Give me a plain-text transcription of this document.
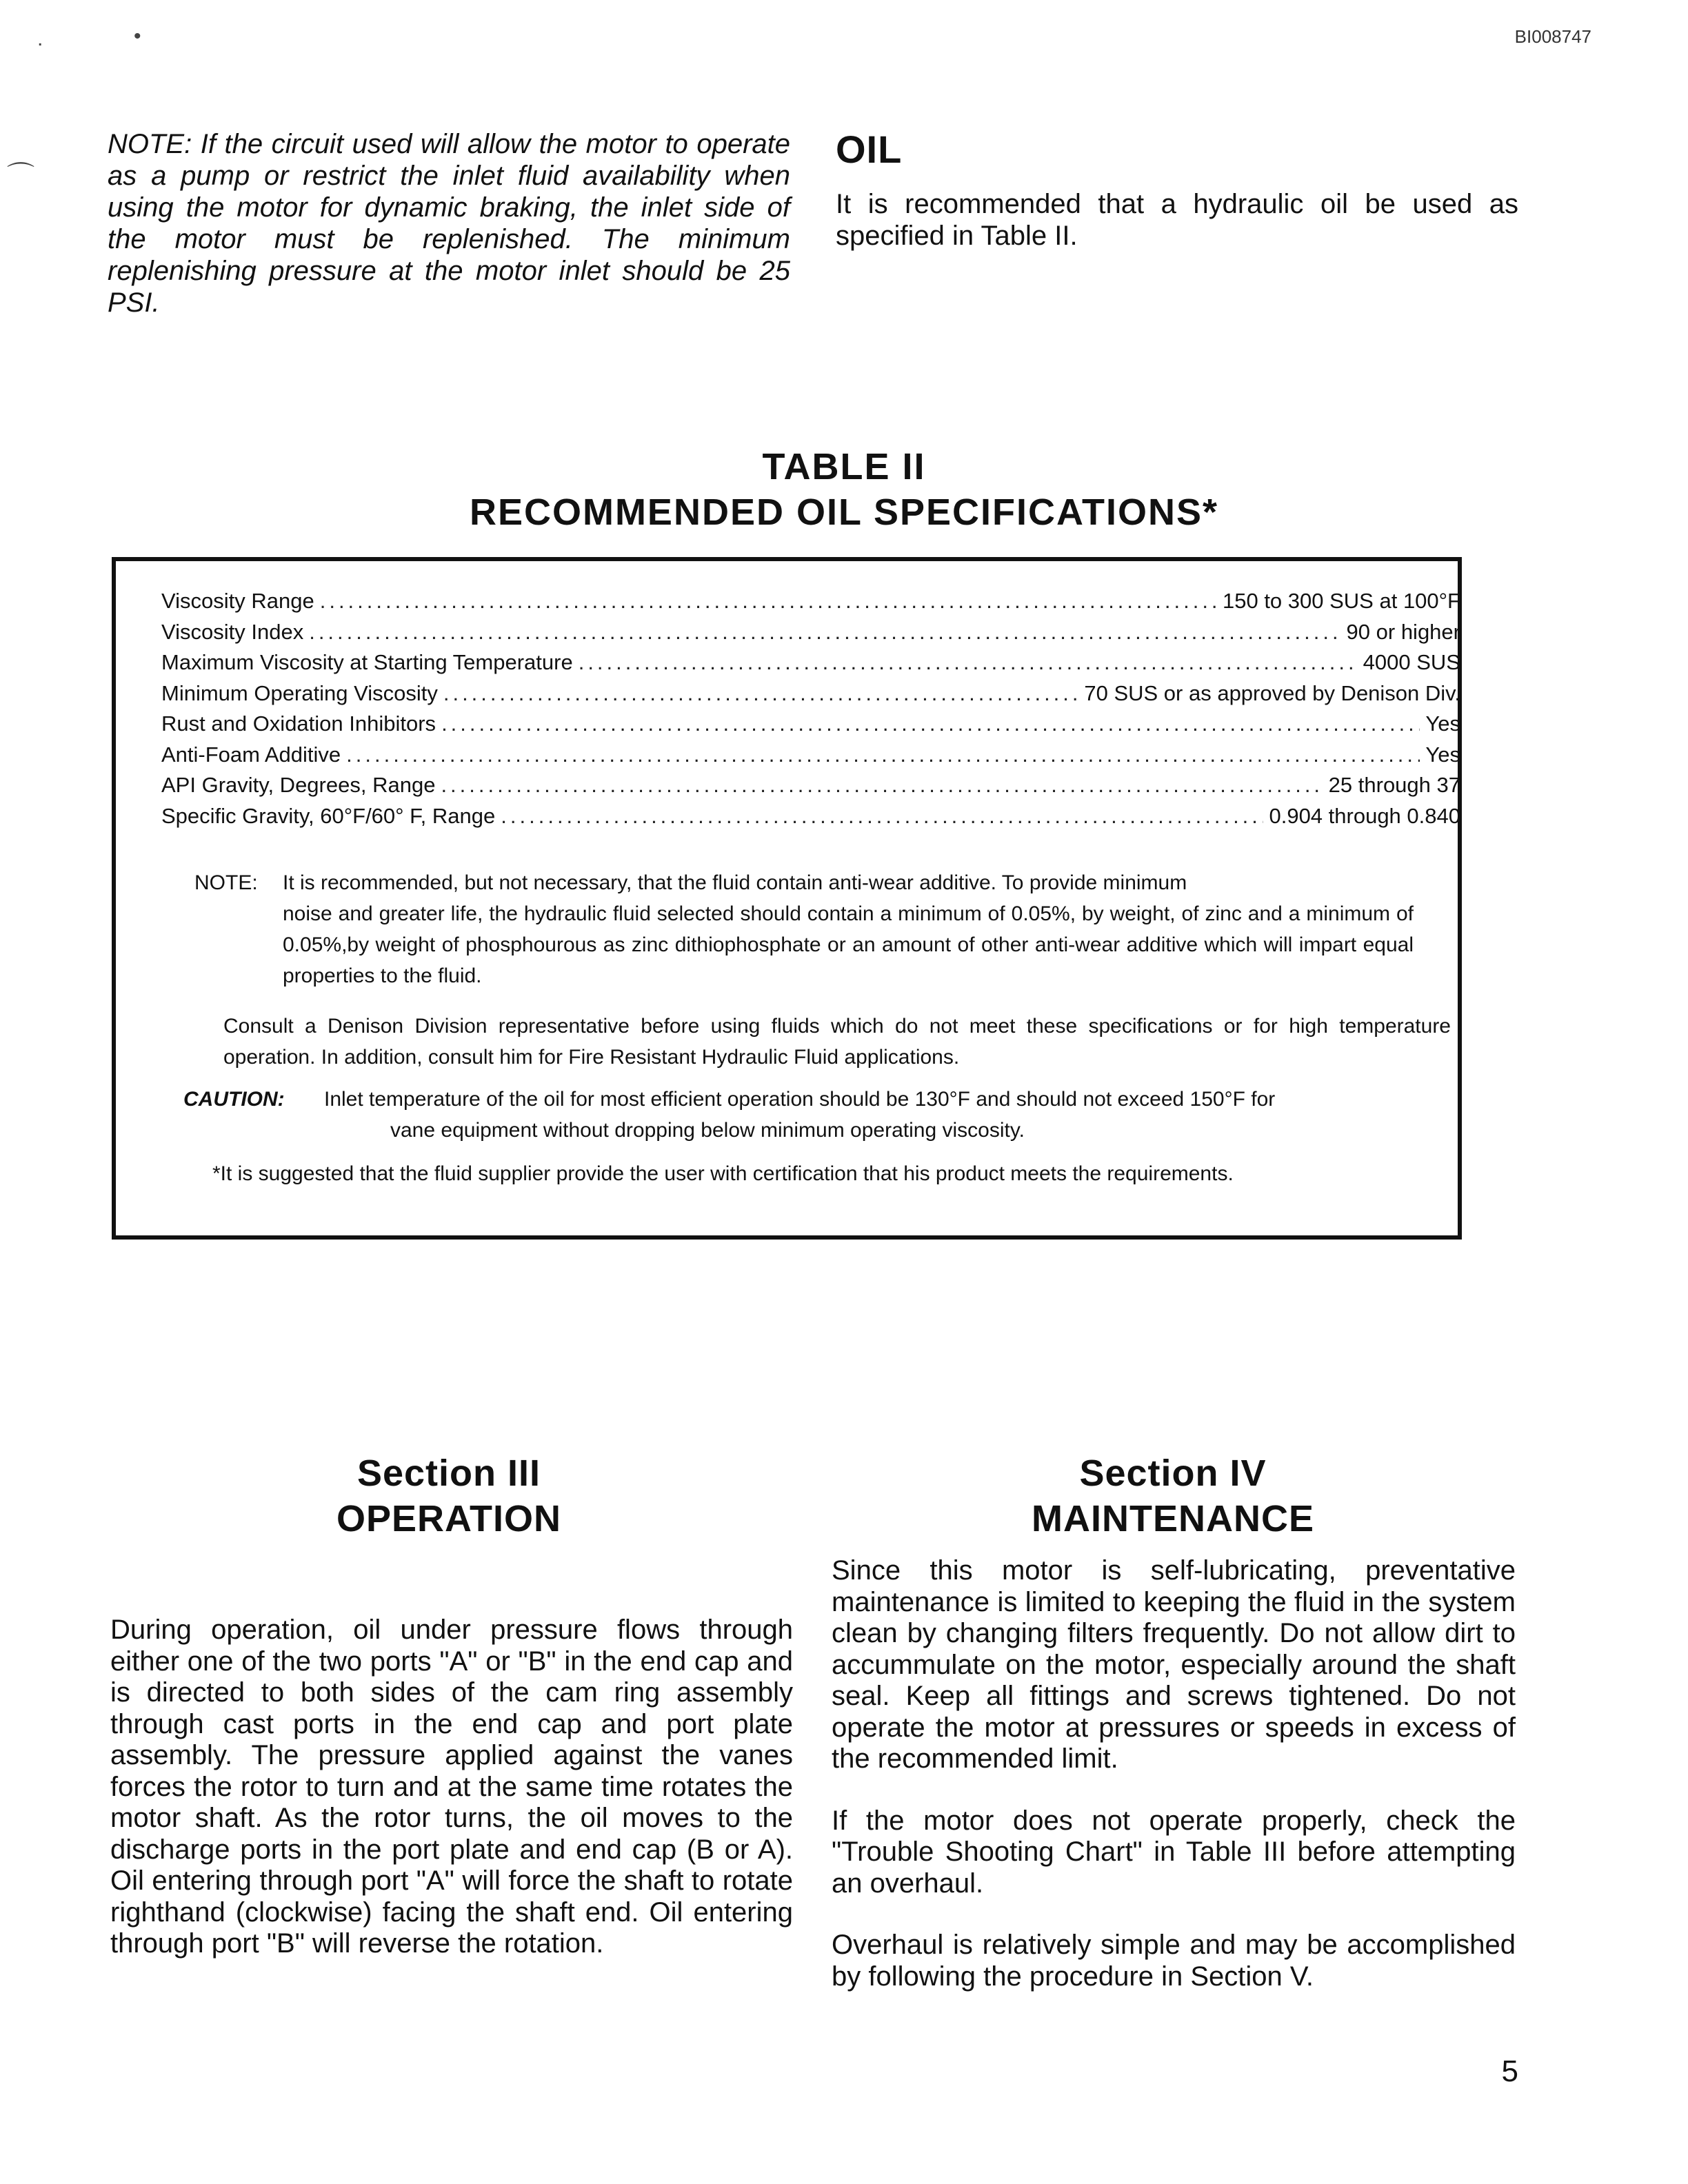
.	•
⌒
BI008747
NOTE: If the circuit used will allow the motor to operate as a pump or restrict the inlet fluid availability when using the motor for dynamic braking, the inlet side of the motor must be replenished. The minimum replenishing pressure at the motor inlet should be 25 PSI.
OIL

It is recommended that a hydraulic oil be used as specified in Table II.

TABLE II
RECOMMENDED OIL SPECIFICATIONS*
Viscosity Range .....	150 to 300 SUS at 100°F
Viscosity Index .....	90 or higher
Maximum Viscosity at Starting Temperature .....	4000 SUS
Minimum Operating Viscosity .....	70 SUS or as approved by Denison Div.
Rust and Oxidation Inhibitors .....	Yes
Anti-Foam Additive .....	Yes
API Gravity, Degrees, Range .....	25 through 37
Specific Gravity, 60°F/60° F, Range .....	0.904 through 0.840
NOTE: It is recommended, but not necessary, that the fluid contain anti-wear additive. To provide minimum
noise and greater life, the hydraulic fluid selected should contain a minimum of 0.05%, by weight, of zinc and a minimum of 0.05%,by weight of phosphourous as zinc dithiophosphate or an amount of other anti-wear additive which will impart equal properties to the fluid.
Consult a Denison Division representative before using fluids which do not meet these specifications or for high temperature operation. In addition, consult him for Fire Resistant Hydraulic Fluid applications.
CAUTION: Inlet temperature of the oil for most efficient operation should be 130°F and should not exceed 150°F for
vane equipment without dropping below minimum operating viscosity.
*It is suggested that the fluid supplier provide the user with certification that his product meets the requirements.
Section III
OPERATION
Section IV
MAINTENANCE
During operation, oil under pressure flows through either one of the two ports "A" or "B" in the end cap and is directed to both sides of the cam ring assembly through cast ports in the end cap and port plate assembly. The pressure applied against the vanes forces the rotor to turn and at the same time rotates the motor shaft. As the rotor turns, the oil moves to the discharge ports in the port plate and end cap (B or A). Oil entering through port "A" will force the shaft to rotate righthand (clockwise) facing the shaft end. Oil entering through port "B" will reverse the rotation.

Since this motor is self-lubricating, preventative maintenance is limited to keeping the fluid in the system clean by changing filters frequently. Do not allow dirt to accummulate on the motor, especially around the shaft seal. Keep all fittings and screws tightened. Do not operate the motor at pressures or speeds in excess of the recommended limit.

If the motor does not operate properly, check the "Trouble Shooting Chart" in Table III before attempting an overhaul.

Overhaul is relatively simple and may be accomplished by following the procedure in Section V.

5
